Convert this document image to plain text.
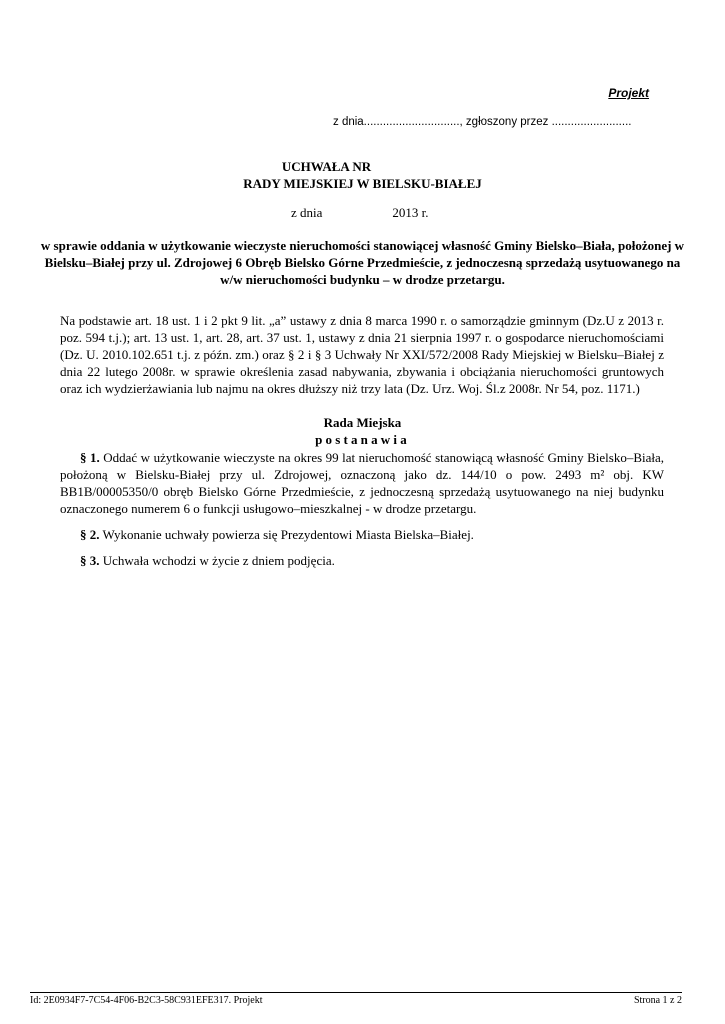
Projekt
z dnia.............................., zgłoszony przez .........................
UCHWAŁA NR
RADY MIEJSKIEJ W BIELSKU-BIAŁEJ
z dnia	2013 r.
w sprawie oddania w użytkowanie wieczyste nieruchomości stanowiącej własność Gminy Bielsko–Biała, położonej w Bielsku–Białej przy ul. Zdrojowej 6 Obręb Bielsko Górne Przedmieście, z jednoczesną sprzedażą usytuowanego na w/w nieruchomości budynku – w drodze przetargu.
Na podstawie art. 18 ust. 1 i 2 pkt 9 lit. „a” ustawy z dnia 8 marca 1990 r. o samorządzie gminnym (Dz.U z 2013 r. poz. 594 t.j.); art. 13 ust. 1, art. 28, art. 37 ust. 1, ustawy z dnia 21 sierpnia 1997 r. o gospodarce nieruchomościami (Dz. U. 2010.102.651 t.j. z późn. zm.) oraz § 2 i § 3 Uchwały Nr XXI/572/2008 Rady Miejskiej w Bielsku–Białej z dnia 22 lutego 2008r. w sprawie określenia zasad nabywania, zbywania i obciążania nieruchomości gruntowych oraz ich wydzierżawiania lub najmu na okres dłuższy niż trzy lata (Dz. Urz. Woj. Śl.z 2008r. Nr 54, poz. 1171.)
Rada Miejska
postanawia

§ 1. Oddać w użytkowanie wieczyste na okres 99 lat nieruchomość stanowiącą własność Gminy Bielsko–Biała, położoną w Bielsku-Białej przy ul. Zdrojowej, oznaczoną jako dz. 144/10 o pow. 2493 m² obj. KW BB1B/00005350/0 obręb Bielsko Górne Przedmieście, z jednoczesną sprzedażą usytuowanego na niej budynku oznaczonego numerem 6 o funkcji usługowo–mieszkalnej - w drodze przetargu.

§ 2. Wykonanie uchwały powierza się Prezydentowi Miasta Bielska–Białej.

§ 3. Uchwała wchodzi w życie z dniem podjęcia.

Id: 2E0934F7-7C54-4F06-B2C3-58C931EFE317. Projekt	Strona 1 z 2
